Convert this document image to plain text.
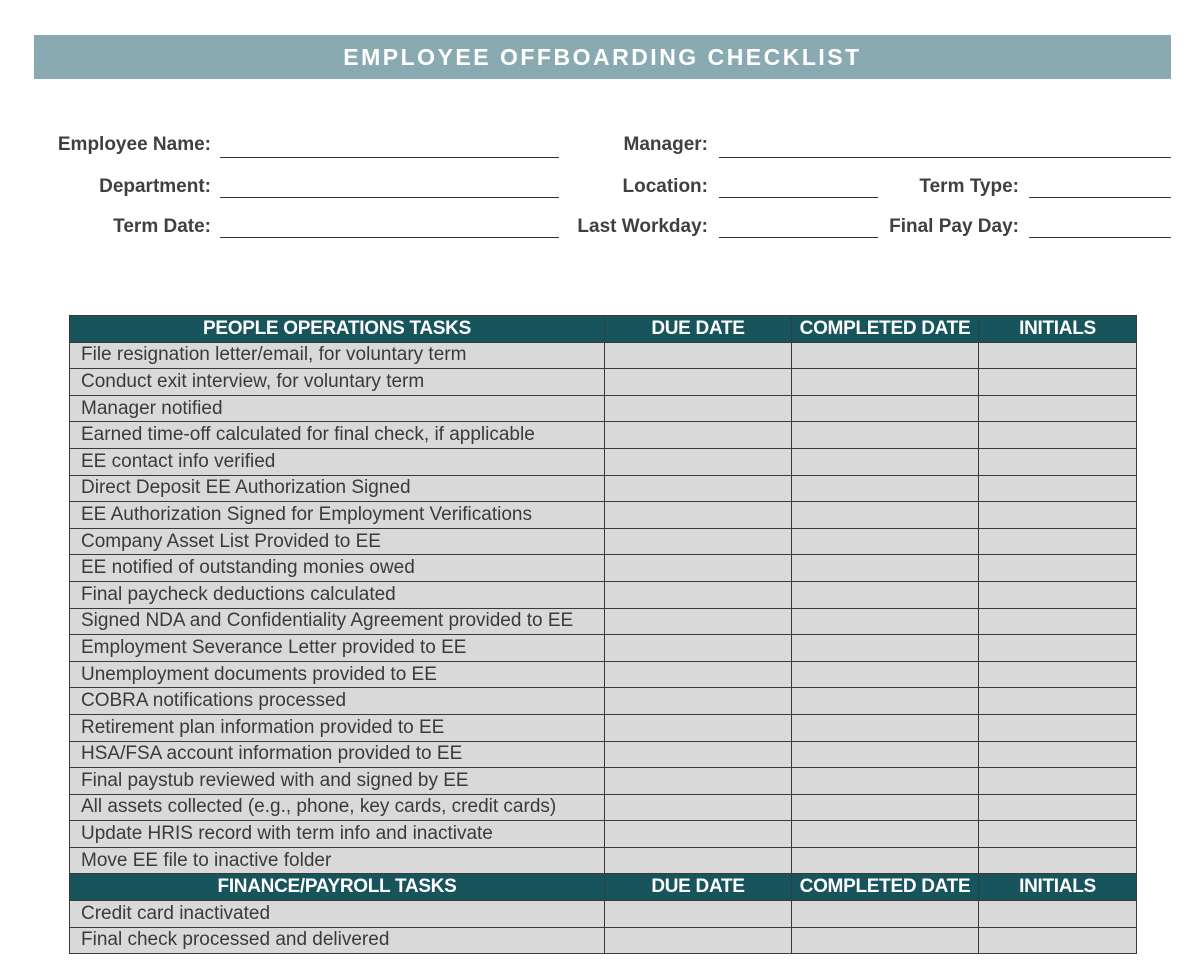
EMPLOYEE OFFBOARDING CHECKLIST
Employee Name:	Manager:
Department:	Location:	Term Type:
Term Date:	Last Workday:	Final Pay Day:
PEOPLE OPERATIONS TASKS	DUE DATE	COMPLETED DATE	INITIALS
File resignation letter/email, for voluntary term			
Conduct exit interview, for voluntary term			
Manager notified			
Earned time-off calculated for final check, if applicable			
EE contact info verified			
Direct Deposit EE Authorization Signed			
EE Authorization Signed for Employment Verifications			
Company Asset List Provided to EE			
EE notified of outstanding monies owed			
Final paycheck deductions calculated			
Signed NDA and Confidentiality Agreement provided to EE			
Employment Severance Letter provided to EE			
Unemployment documents provided to EE			
COBRA notifications processed			
Retirement plan information provided to EE			
HSA/FSA account information provided to EE			
Final paystub reviewed with and signed by EE			
All assets collected (e.g., phone, key cards, credit cards)			
Update HRIS record with term info and inactivate			
Move EE file to inactive folder			
FINANCE/PAYROLL TASKS	DUE DATE	COMPLETED DATE	INITIALS
Credit card inactivated			
Final check processed and delivered			
